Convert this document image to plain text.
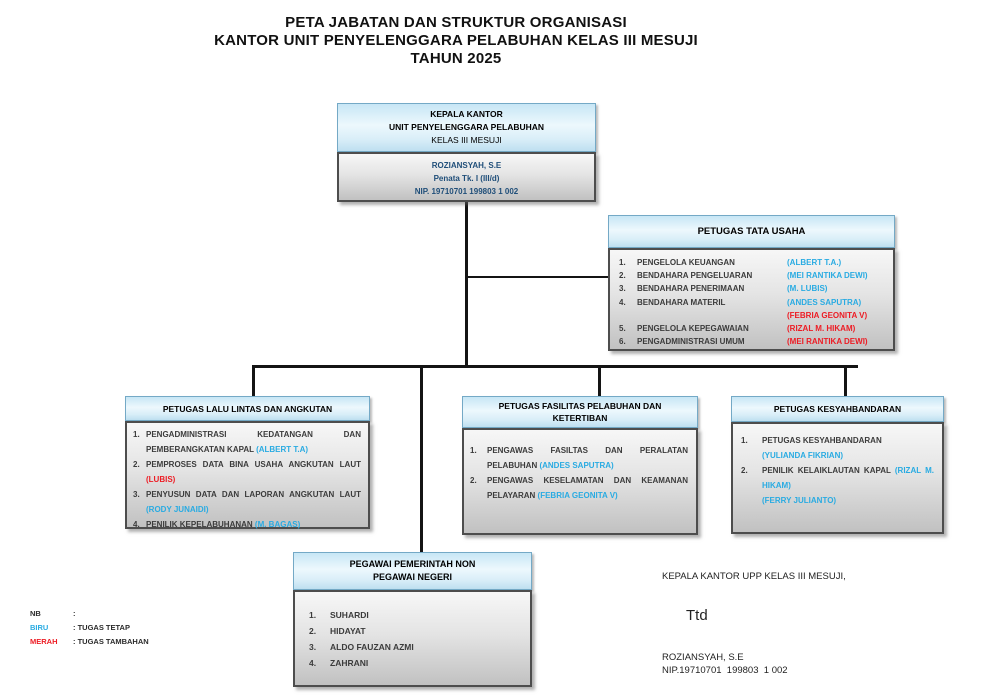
PETA JABATAN DAN STRUKTUR ORGANISASI
KANTOR UNIT PENYELENGGARA PELABUHAN KELAS III MESUJI
TAHUN 2025
KEPALA KANTOR
UNIT PENYELENGGARA PELABUHAN
KELAS III MESUJI
ROZIANSYAH, S.E
Penata Tk. I (III/d)
NIP. 19710701 199803 1 002
PETUGAS TATA USAHA
1.	PENGELOLA KEUANGAN	(ALBERT T.A.)
2.	BENDAHARA PENGELUARAN	(MEI RANTIKA DEWI)
3.	BENDAHARA PENERIMAAN	(M. LUBIS)
4.	BENDAHARA MATERIL	(ANDES SAPUTRA)
(FEBRIA GEONITA V)
5.	PENGELOLA KEPEGAWAIAN	(RIZAL M. HIKAM)
6.	PENGADMINISTRASI UMUM	(MEI RANTIKA DEWI)
PETUGAS LALU LINTAS DAN ANGKUTAN
1. PENGADMINISTRASI KEDATANGAN DAN PEMBERANGKATAN KAPAL (ALBERT T.A)
2. PEMPROSES DATA BINA USAHA ANGKUTAN LAUT (LUBIS)
3. PENYUSUN DATA DAN LAPORAN ANGKUTAN LAUT (RODY JUNAIDI)
4. PENILIK KEPELABUHANAN (M. BAGAS)
PETUGAS FASILITAS PELABUHAN DAN
KETERTIBAN
1. PENGAWAS FASILTAS DAN PERALATAN PELABUHAN (ANDES SAPUTRA)
2. PENGAWAS KESELAMATAN DAN KEAMANAN PELAYARAN (FEBRIA GEONITA V)
PETUGAS KESYAHBANDARAN
1. PETUGAS KESYAHBANDARAN
(YULIANDA FIKRIAN)
2. PENILIK KELAIKLAUTAN KAPAL (RIZAL M. HIKAM)
(FERRY JULIANTO)
PEGAWAI PEMERINTAH NON
PEGAWAI NEGERI
1. SUHARDI
2. HIDAYAT
3. ALDO FAUZAN AZMI
4. ZAHRANI
KEPALA KANTOR UPP KELAS III MESUJI,
Ttd
ROZIANSYAH, S.E
NIP.19710701  199803  1 002
NB	:
BIRU	: TUGAS TETAP
MERAH	: TUGAS TAMBAHAN
